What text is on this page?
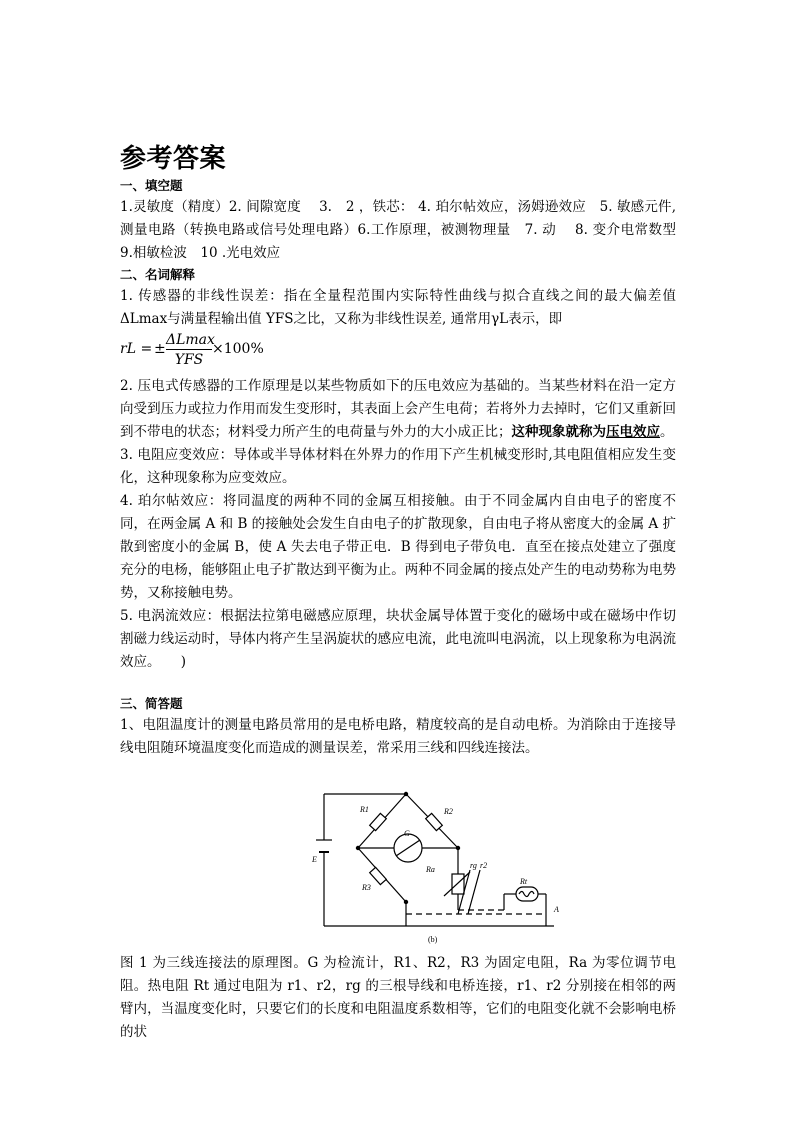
参考答案
一、填空题

1.灵敏度（精度）2. 间隙宽度　 3.　2 ，铁芯： 4. 珀尔帖效应，汤姆逊效应　5. 敏感元件, 测量电路（转换电路或信号处理电路）6.工作原理，被测物理量　7. 动　 8. 变介电常数型　9.相敏检波　10 .光电效应

二、名词解释

1. 传感器的非线性误差：指在全量程范围内实际特性曲线与拟合直线之间的最大偏差值ΔLmax与满量程输出值 YFS之比，又称为非线性误差, 通常用γL表示，即

rL = ±
ΔLmax
YFS
×100%

2. 压电式传感器的工作原理是以某些物质如下的压电效应为基础的。当某些材料在沿一定方向受到压力或拉力作用而发生变形时，其表面上会产生电荷；若将外力去掉时，它们又重新回到不带电的状态；材料受力所产生的电荷量与外力的大小成正比；这种现象就称为压电效应。

3. 电阻应变效应：导体或半导体材料在外界力的作用下产生机械变形时,其电阻值相应发生变化，这种现象称为应变效应。

4. 珀尔帖效应：将同温度的两种不同的金属互相接触。由于不同金属内自由电子的密度不同，在两金属 A 和 B 的接触处会发生自由电子的扩散现象，自由电子将从密度大的金属 A 扩散到密度小的金属 B，使 A 失去电子带正电．B 得到电子带负电．直至在接点处建立了强度充分的电杨，能够阻止电子扩散达到平衡为止。两种不同金属的接点处产生的电动势称为电势势，又称接触电势。

5. 电涡流效应：根据法拉第电磁感应原理，块状金属导体置于变化的磁场中或在磁场中作切割磁力线运动时，导体内将产生呈涡旋状的感应电流，此电流叫电涡流，以上现象称为电涡流效应。　　)

三、简答题

1、电阻温度计的测量电路员常用的是电桥电路，精度较高的是自动电桥。为消除由于连接导线电阻随环境温度变化而造成的测量误差，常采用三线和四线连接法。

R1	R2
R3
G
Ra
E
rg r2
Rt
A
(b)

图 1 为三线连接法的原理图。G 为检流计，R1、R2，R3 为固定电阻，Ra 为零位调节电阻。热电阻 Rt 通过电阻为 r1、r2，rg 的三根导线和电桥连接，r1、r2 分别接在相邻的两臂内，当温度变化时，只要它们的长度和电阻温度系数相等，它们的电阻变化就不会影响电桥的状
